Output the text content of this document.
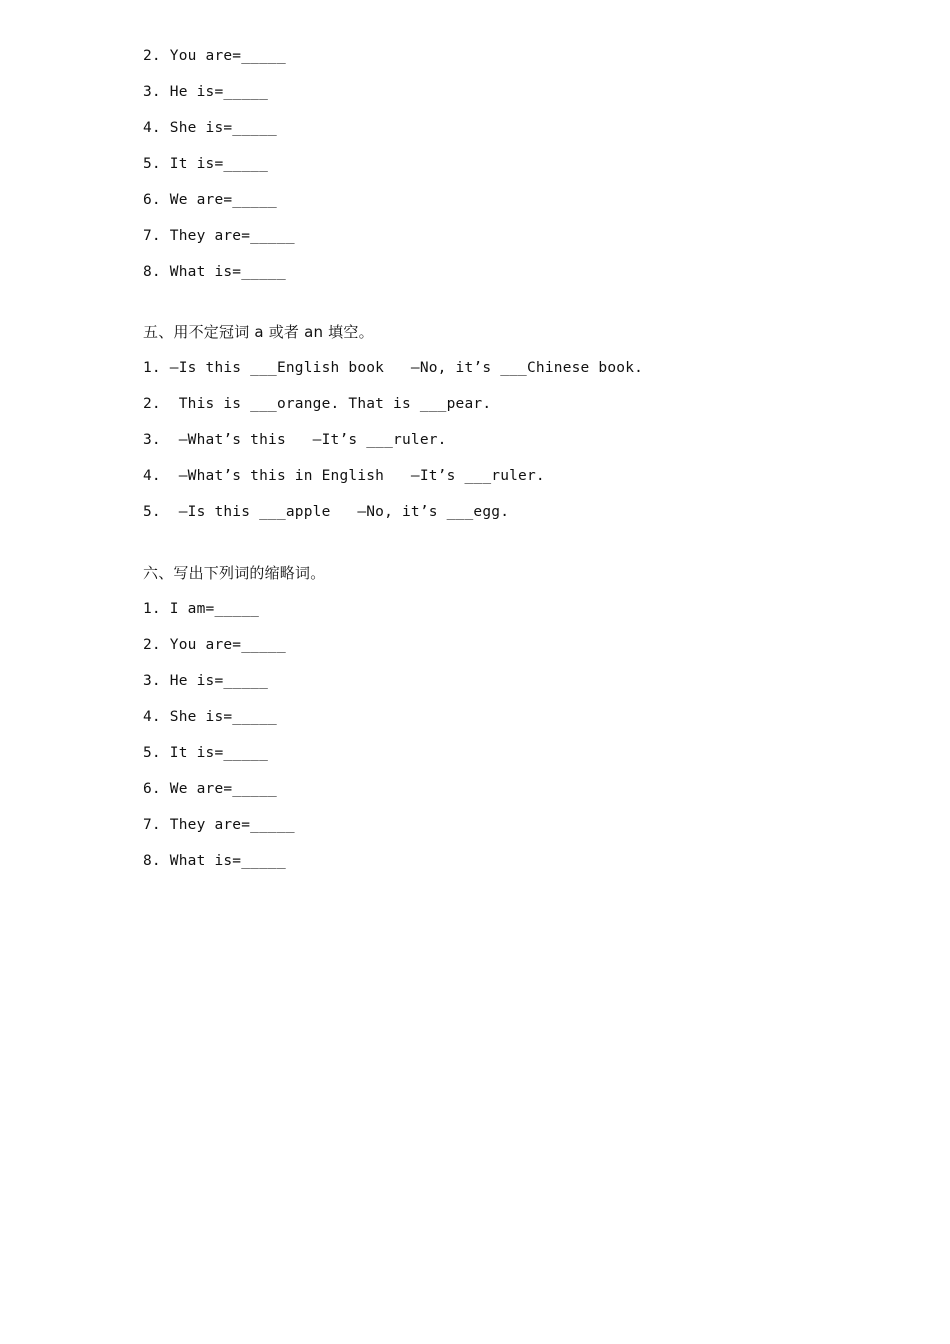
2. You are=_____
3. He is=_____
4. She is=_____
5. It is=_____
6. We are=_____
7. They are=_____
8. What is=_____
五、用不定冠词 a 或者 an 填空。
1. —Is this ___English book   —No, it’s ___Chinese book.
2.  This is ___orange. That is ___pear.
3.  —What’s this   —It’s ___ruler.
4.  —What’s this in English   —It’s ___ruler.
5.  —Is this ___apple   —No, it’s ___egg.
六、写出下列词的缩略词。
1. I am=_____
2. You are=_____
3. He is=_____
4. She is=_____
5. It is=_____
6. We are=_____
7. They are=_____
8. What is=_____
